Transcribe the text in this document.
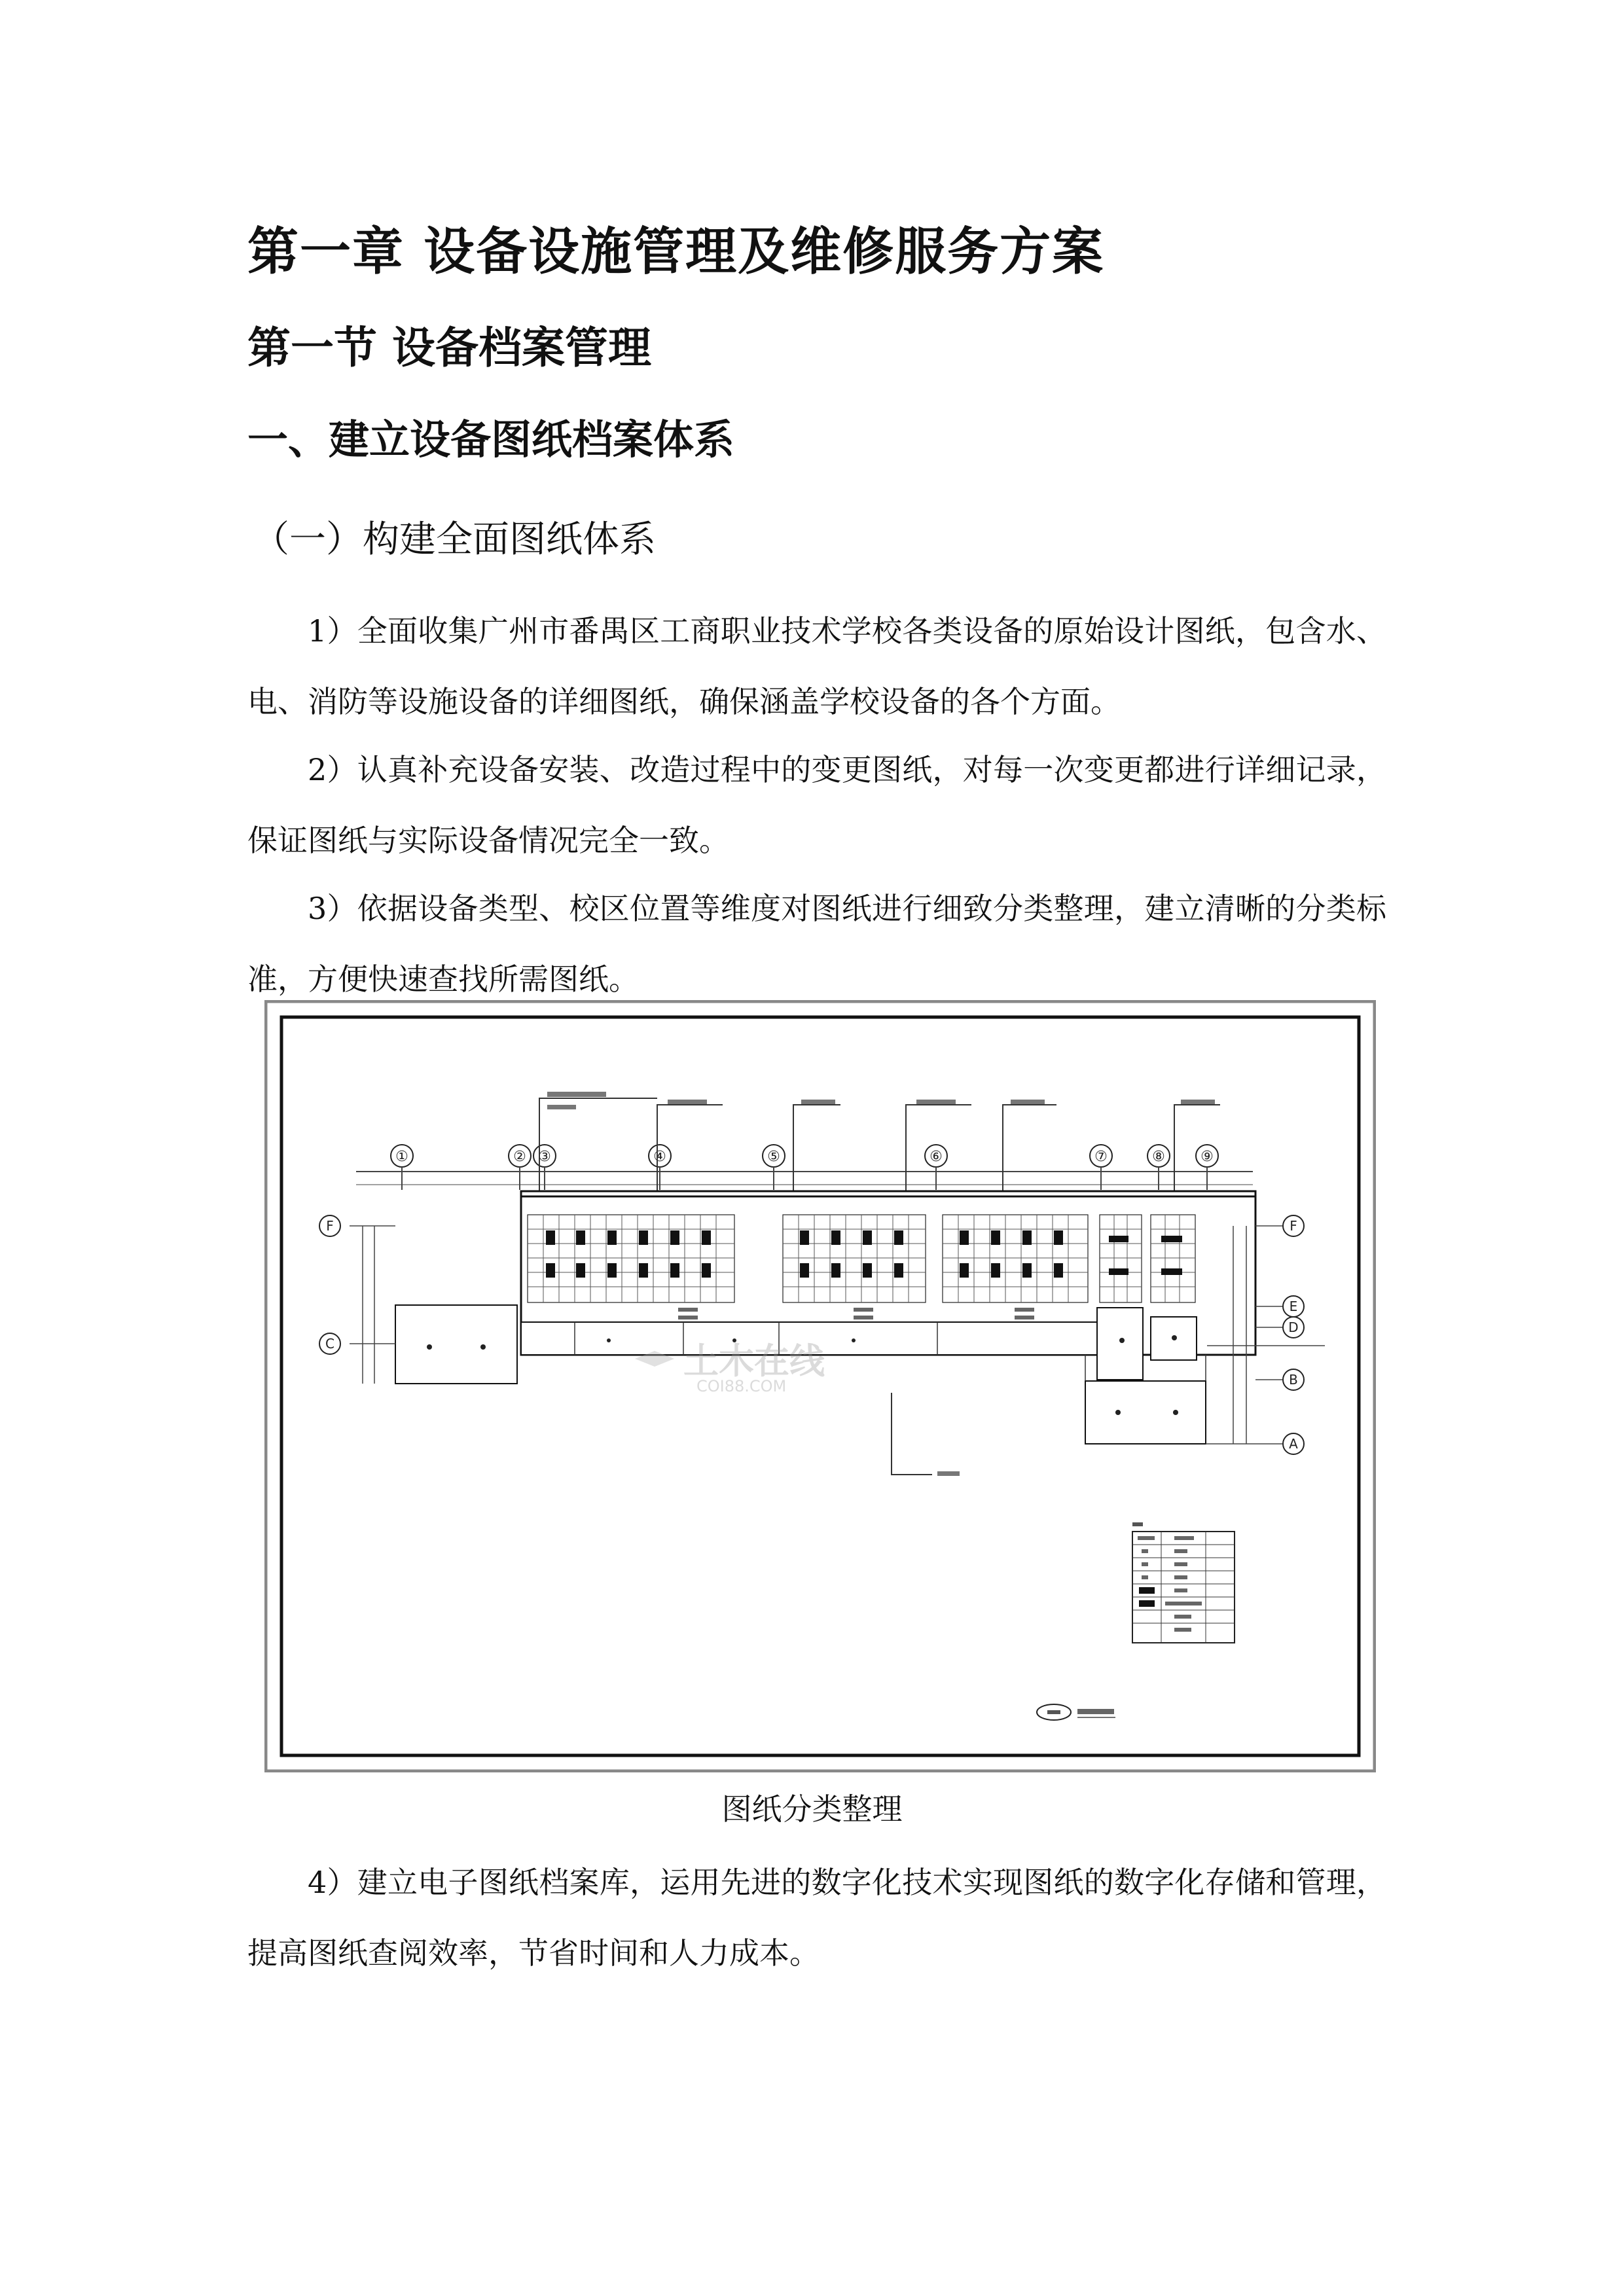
第一章 设备设施管理及维修服务方案
第一节 设备档案管理
一、建立设备图纸档案体系
（一）构建全面图纸体系

1）全面收集广州市番禺区工商职业技术学校各类设备的原始设计图纸，包含水、电、消防等设施设备的详细图纸，确保涵盖学校设备的各个方面。

2）认真补充设备安装、改造过程中的变更图纸，对每一次变更都进行详细记录，保证图纸与实际设备情况完全一致。

3）依据设备类型、校区位置等维度对图纸进行细致分类整理，建立清晰的分类标准，方便快速查找所需图纸。

①	② ③	④	⑤	⑥	⑦	⑧ ⑨
土木在线
COI88.COM
F
C
F
E
D
B
A
图纸分类整理

4）建立电子图纸档案库，运用先进的数字化技术实现图纸的数字化存储和管理，提高图纸查阅效率，节省时间和人力成本。
